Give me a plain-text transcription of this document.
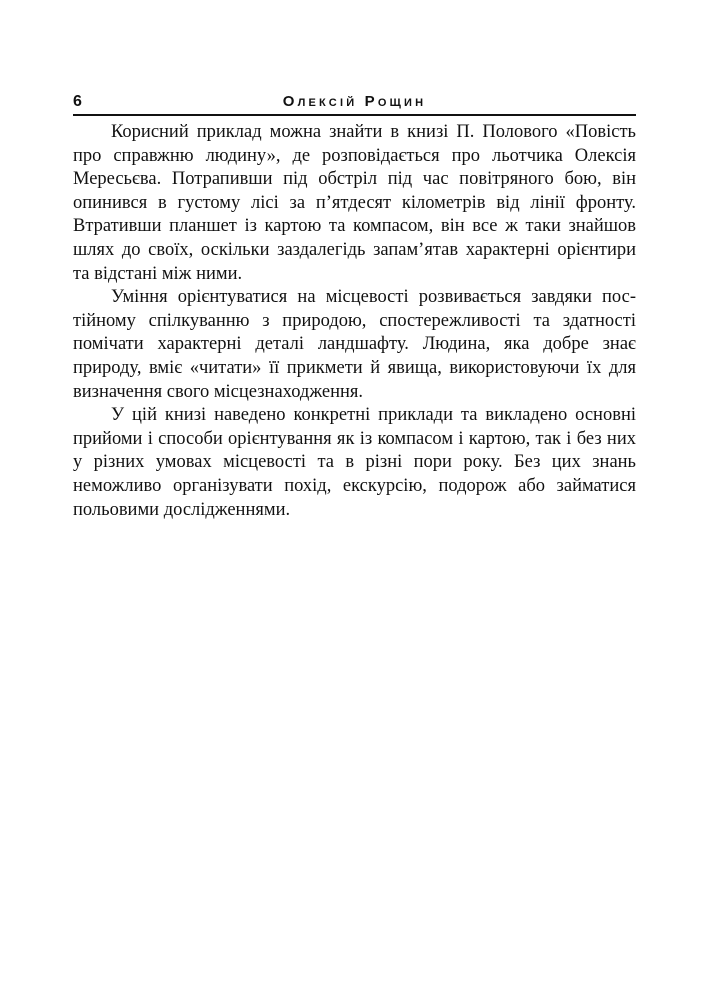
6	Олексій Рощин

Корисний приклад можна знайти в книзі П. Полового «Повість про справжню людину», де розповідається про льотчика Олексія Мересьєва. Потрапивши під обстріл під час повітряного бою, він опинився в густому лісі за п’ятдесят кілометрів від лінії фронту. Втративши планшет із картою та компасом, він все ж таки знайшов шлях до своїх, оскільки заздалегідь запам’ятав характерні орієнтири та відстані між ними.

Уміння орієнтуватися на місцевості розвивається завдяки постійному спілкуванню з природою, спостережливості та здатності помічати характерні деталі ландшафту. Людина, яка добре знає природу, вміє «читати» її прикмети й явища, використовуючи їх для визначення свого місцезнаходження.

У цій книзі наведено конкретні приклади та викладено основні прийоми і способи орієнтування як із компасом і картою, так і без них у різних умовах місцевості та в різні пори року. Без цих знань неможливо організувати похід, екскурсію, подорож або займатися польовими дослідженнями.
